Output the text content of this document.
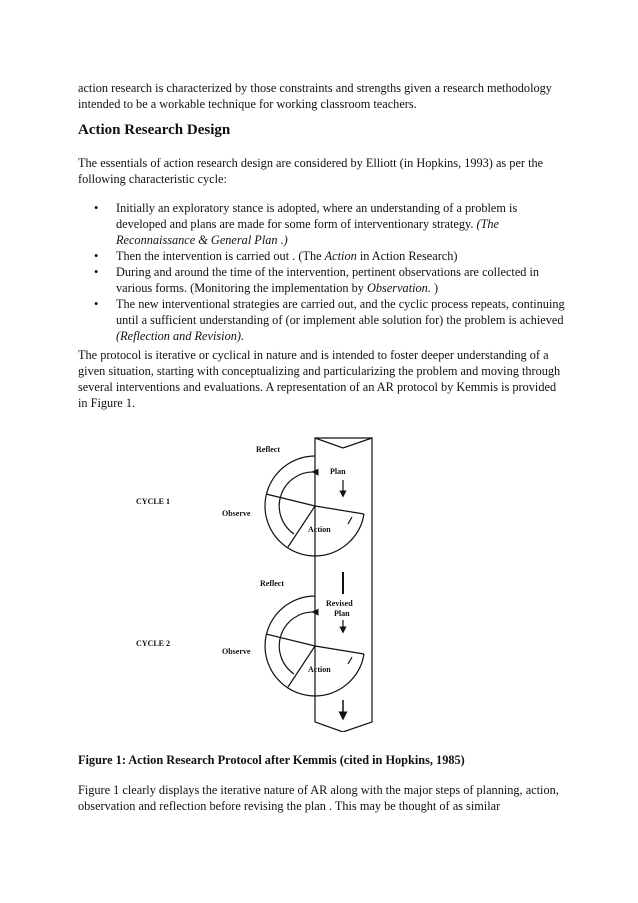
action research is characterized by those constraints and strengths given a research methodology intended to be a workable technique for working classroom teachers.

Action Research Design

The essentials of action research design are considered by Elliott (in Hopkins, 1993) as per the following characteristic cycle:

• Initially an exploratory stance is adopted, where an understanding of a problem is developed and plans are made for some form of interventionary strategy. (The Reconnaissance & General Plan .)
• Then the intervention is carried out . (The Action in Action Research)
• During and around the time of the intervention, pertinent observations are collected in various forms. (Monitoring the implementation by Observation. )
• The new interventional strategies are carried out, and the cyclic process repeats, continuing until a sufficient understanding of (or implement able solution for) the problem is achieved (Reflection and Revision).

The protocol is iterative or cyclical in nature and is intended to foster deeper understanding of a given situation, starting with conceptualizing and particularizing the problem and moving through several interventions and evaluations. A representation of an AR protocol by Kemmis is provided in Figure 1.

CYCLE 1
Reflect
Plan
Observe
Action
CYCLE 2
Reflect
Revised
Plan
Observe
Action

Figure 1: Action Research Protocol after Kemmis (cited in Hopkins, 1985)

Figure 1 clearly displays the iterative nature of AR along with the major steps of planning, action, observation and reflection before revising the plan . This may be thought of as similar
